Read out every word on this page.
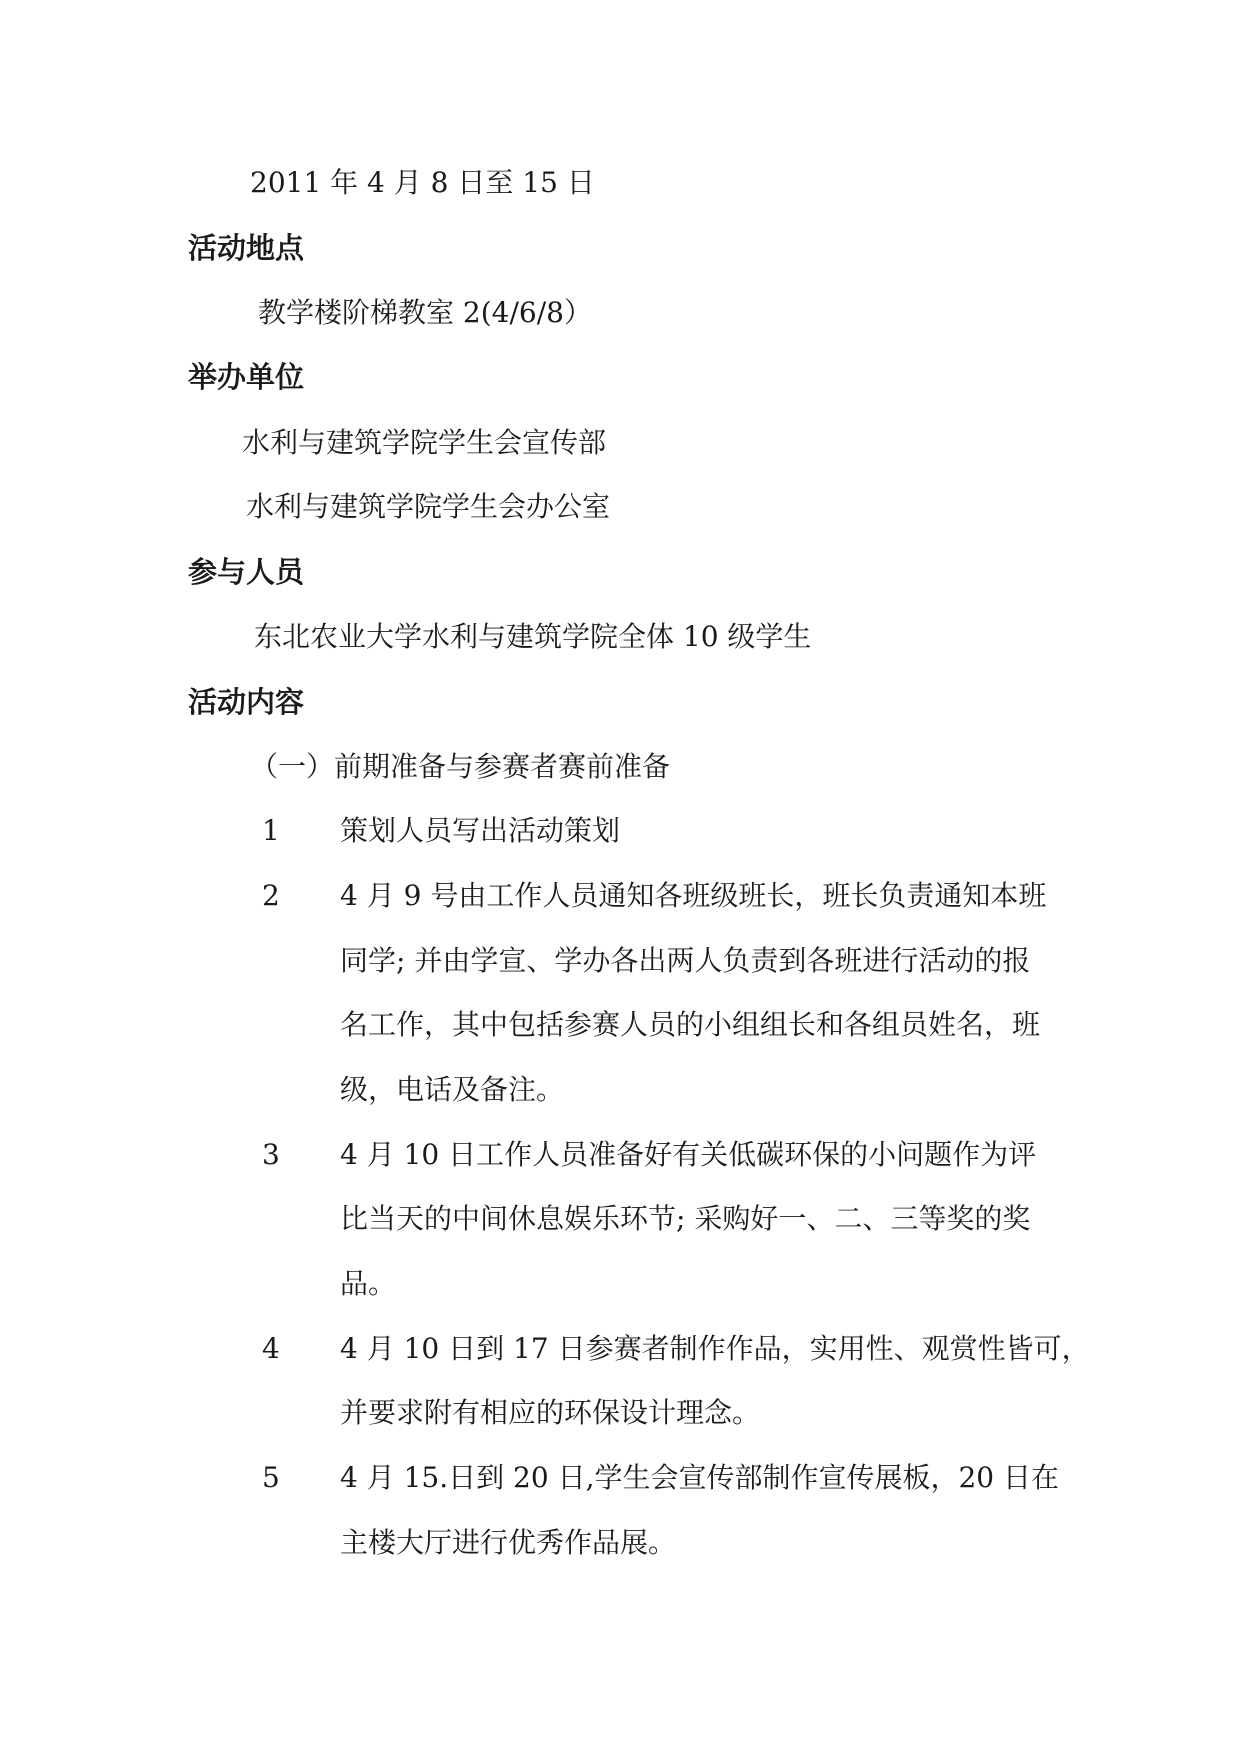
2011 年 4 月 8 日至 15 日
活动地点
教学楼阶梯教室 2(4/6/8）
举办单位
水利与建筑学院学生会宣传部
水利与建筑学院学生会办公室
参与人员
东北农业大学水利与建筑学院全体 10 级学生
活动内容
（一）前期准备与参赛者赛前准备
1	策划人员写出活动策划
2	4 月 9 号由工作人员通知各班级班长，班长负责通知本班
同学; 并由学宣、学办各出两人负责到各班进行活动的报
名工作，其中包括参赛人员的小组组长和各组员姓名，班
级，电话及备注。
3	4 月 10 日工作人员准备好有关低碳环保的小问题作为评
比当天的中间休息娱乐环节; 采购好一、二、三等奖的奖
品。
4	4 月 10 日到 17 日参赛者制作作品，实用性、观赏性皆可，
并要求附有相应的环保设计理念。
5	4 月 15.日到 20 日,学生会宣传部制作宣传展板，20 日在
主楼大厅进行优秀作品展。
